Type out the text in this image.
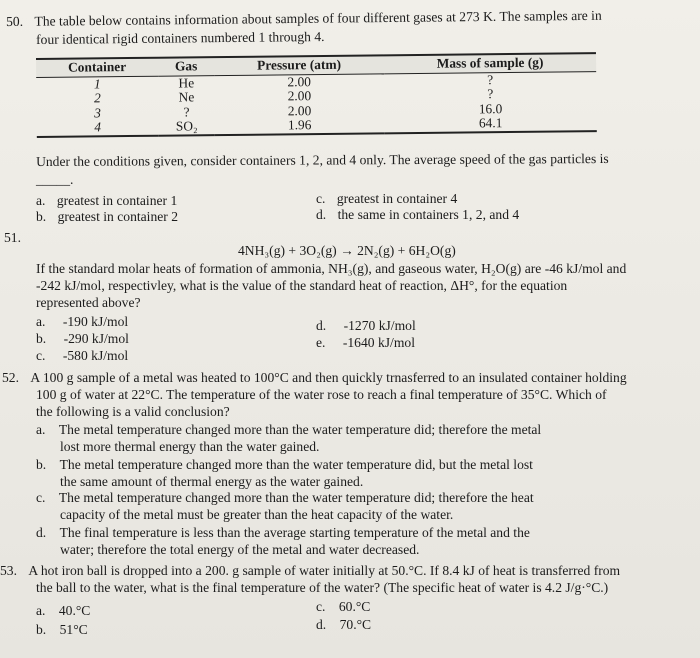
50. The table below contains information about samples of four different gases at 273 K. The samples are in
four identical rigid containers numbered 1 through 4.
Container	Gas	Pressure (atm)	Mass of sample (g)
1	He	2.00	?
2	Ne	2.00	?
3	?	2.00	16.0
4	SO₂	1.96	64.1
Under the conditions given, consider containers 1, 2, and 4 only. The average speed of the gas particles is
_____.
a. greatest in container 1
b. greatest in container 2
c. greatest in container 4
d. the same in containers 1, 2, and 4
51.
4NH₃(g) + 3O₂(g) → 2N₂(g) + 6H₂O(g)
If the standard molar heats of formation of ammonia, NH₃(g), and gaseous water, H₂O(g) are -46 kJ/mol and
-242 kJ/mol, respectivley, what is the value of the standard heat of reaction, ΔH°, for the equation
represented above?
a. -190 kJ/mol
b. -290 kJ/mol
c. -580 kJ/mol
d. -1270 kJ/mol
e. -1640 kJ/mol
52. A 100 g sample of a metal was heated to 100°C and then quickly trnasferred to an insulated container holding
100 g of water at 22°C. The temperature of the water rose to reach a final temperature of 35°C. Which of
the following is a valid conclusion?
a. The metal temperature changed more than the water temperature did; therefore the metal
lost more thermal energy than the water gained.
b. The metal temperature changed more than the water temperature did, but the metal lost
the same amount of thermal energy as the water gained.
c. The metal temperature changed more than the water temperature did; therefore the heat
capacity of the metal must be greater than the heat capacity of the water.
d. The final temperature is less than the average starting temperature of the metal and the
water; therefore the total energy of the metal and water decreased.
53. A hot iron ball is dropped into a 200. g sample of water initially at 50.°C. If 8.4 kJ of heat is transferred from
the ball to the water, what is the final temperature of the water? (The specific heat of water is 4.2 J/g·°C.)
a. 40.°C
b. 51°C
c. 60.°C
d. 70.°C
